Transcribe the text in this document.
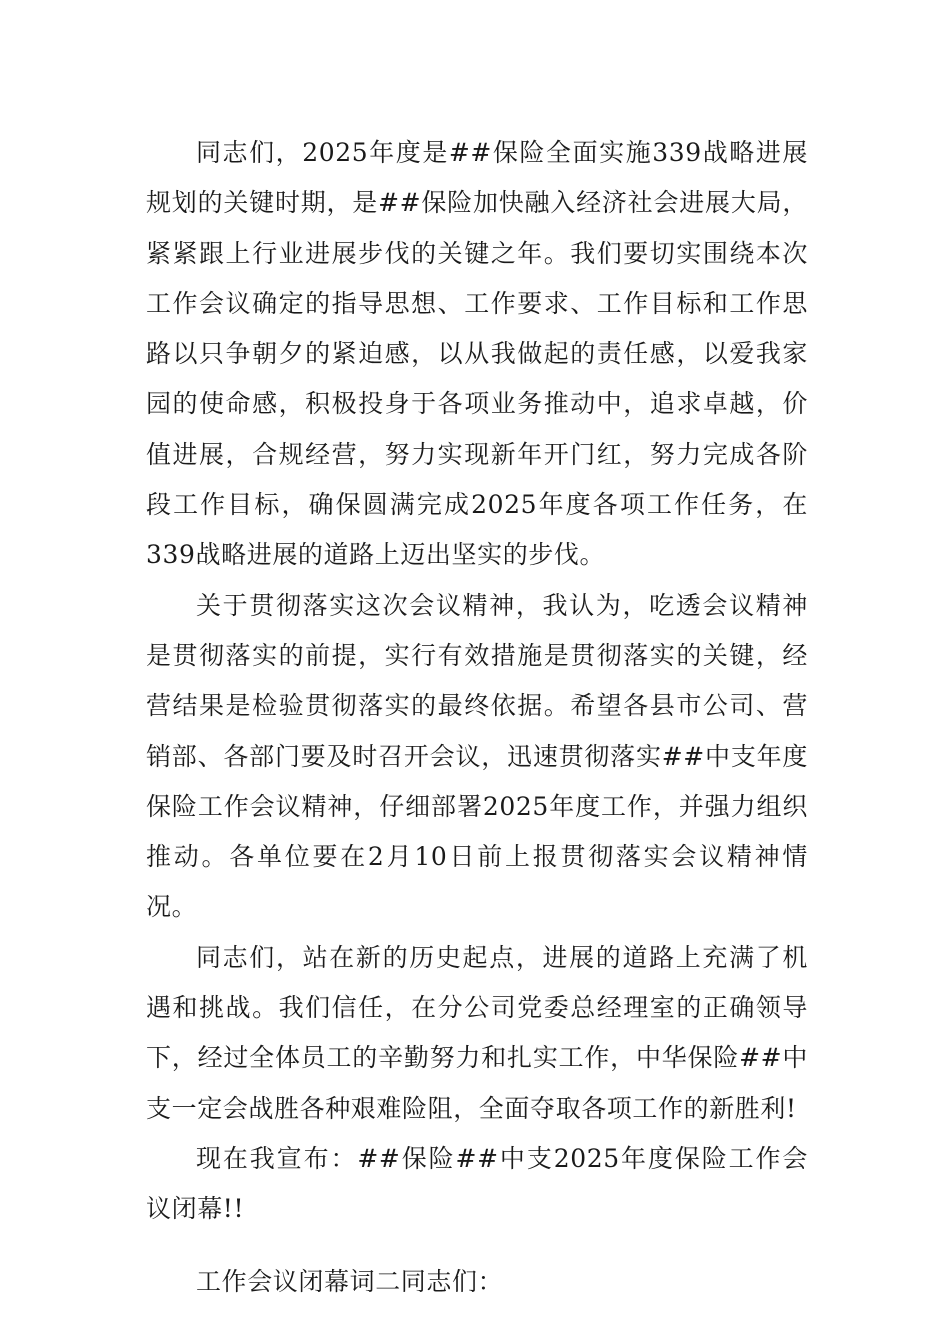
同志们，2025年度是##保险全面实施339战略进展规划的关键时期，是##保险加快融入经济社会进展大局，紧紧跟上行业进展步伐的关键之年。我们要切实围绕本次工作会议确定的指导思想、工作要求、工作目标和工作思路以只争朝夕的紧迫感，以从我做起的责任感，以爱我家园的使命感，积极投身于各项业务推动中，追求卓越，价值进展，合规经营，努力实现新年开门红，努力完成各阶段工作目标，确保圆满完成2025年度各项工作任务，在339战略进展的道路上迈出坚实的步伐。

关于贯彻落实这次会议精神，我认为，吃透会议精神是贯彻落实的前提，实行有效措施是贯彻落实的关键，经营结果是检验贯彻落实的最终依据。希望各县市公司、营销部、各部门要及时召开会议，迅速贯彻落实##中支年度保险工作会议精神，仔细部署2025年度工作，并强力组织推动。各单位要在2月10日前上报贯彻落实会议精神情况。

同志们，站在新的历史起点，进展的道路上充满了机遇和挑战。我们信任，在分公司党委总经理室的正确领导下，经过全体员工的辛勤努力和扎实工作，中华保险##中支一定会战胜各种艰难险阻，全面夺取各项工作的新胜利!

现在我宣布：##保险##中支2025年度保险工作会议闭幕!!

工作会议闭幕词二同志们：
